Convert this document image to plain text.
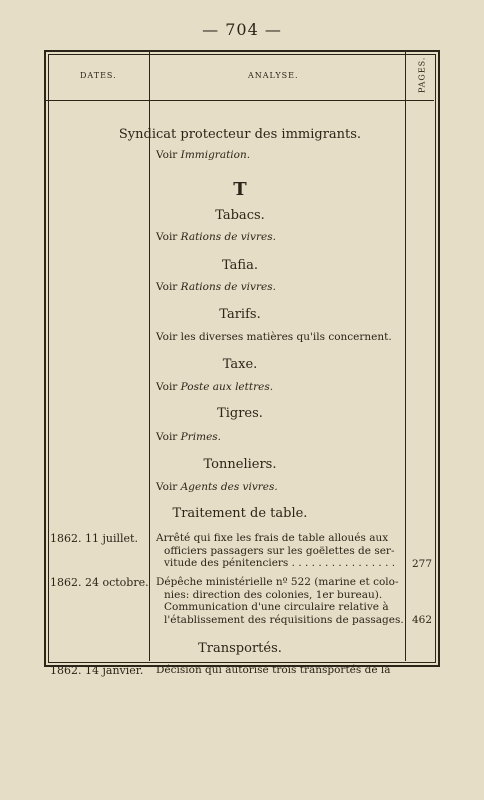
— 704 —
DATES.	ANALYSE.	PAGES.
Syndicat protecteur des immigrants.
Voir Immigration.
T
Tabacs.
Voir Rations de vivres.
Tafia.
Voir Rations de vivres.
Tarifs.
Voir les diverses matières qu'ils concernent.
Taxe.
Voir Poste aux lettres.
Tigres.
Voir Primes.
Tonneliers.
Voir Agents des vivres.
Traitement de table.
1862. 11 juillet.	Arrêté qui fixe les frais de table alloués aux
officiers passagers sur les goëlettes de ser-
vitude des pénitenciers . . . . . . . . . . . . . . . .	277
1862. 24 octobre. Dépêche ministérielle nº 522 (marine et colo-
nies: direction des colonies, 1er bureau).
Communication d'une circulaire relative à
l'établissement des réquisitions de passages. 462
Transportés.
1862. 14 janvier.	Décision qui autorise trois transportés de la
